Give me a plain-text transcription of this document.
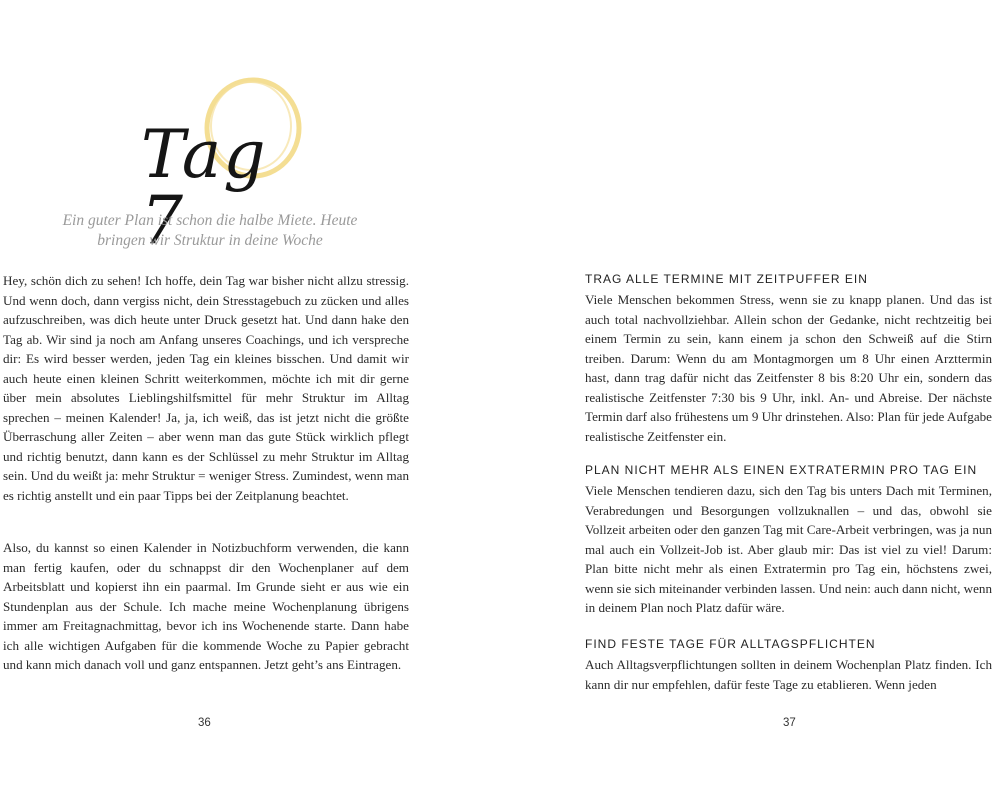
Tag 7
Ein guter Plan ist schon die halbe Miete. Heute
bringen wir Struktur in deine Woche

Hey, schön dich zu sehen! Ich hoffe, dein Tag war bisher nicht allzu stressig. Und wenn doch, dann vergiss nicht, dein Stresstagebuch zu zücken und alles aufzuschreiben, was dich heute unter Druck gesetzt hat. Und dann hake den Tag ab. Wir sind ja noch am Anfang unseres Coachings, und ich verspreche dir: Es wird besser werden, jeden Tag ein kleines bisschen. Und damit wir auch heute einen kleinen Schritt weiterkommen, möchte ich mit dir gerne über mein absolutes Lieblingshilfsmittel für mehr Struktur im Alltag sprechen – meinen Kalender! Ja, ja, ich weiß, das ist jetzt nicht die größte Überraschung aller Zeiten – aber wenn man das gute Stück wirklich pflegt und richtig benutzt, dann kann es der Schlüssel zu mehr Struktur im Alltag sein. Und du weißt ja: mehr Struktur = weniger Stress. Zumindest, wenn man es richtig anstellt und ein paar Tipps bei der Zeitplanung beachtet.

Also, du kannst so einen Kalender in Notizbuchform verwenden, die kann man fertig kaufen, oder du schnappst dir den Wochenplaner auf dem Arbeitsblatt und kopierst ihn ein paarmal. Im Grunde sieht er aus wie ein Stundenplan aus der Schule. Ich mache meine Wochenplanung übrigens immer am Freitagnachmittag, bevor ich ins Wochenende starte. Dann habe ich alle wichtigen Aufgaben für die kommende Woche zu Papier gebracht und kann mich danach voll und ganz entspannen. Jetzt geht’s ans Eintragen.

36
TRAG ALLE TERMINE MIT ZEITPUFFER EIN

Viele Menschen bekommen Stress, wenn sie zu knapp planen. Und das ist auch total nachvollziehbar. Allein schon der Gedanke, nicht rechtzeitig bei einem Termin zu sein, kann einem ja schon den Schweiß auf die Stirn treiben. Darum: Wenn du am Montagmorgen um 8 Uhr einen Arzttermin hast, dann trag dafür nicht das Zeitfenster 8 bis 8:20 Uhr ein, sondern das realistische Zeitfenster 7:30 bis 9 Uhr, inkl. An- und Abreise. Der nächste Termin darf also frühestens um 9 Uhr drinstehen. Also: Plan für jede Aufgabe realistische Zeitfenster ein.

PLAN NICHT MEHR ALS EINEN EXTRATERMIN PRO TAG EIN

Viele Menschen tendieren dazu, sich den Tag bis unters Dach mit Terminen, Verabredungen und Besorgungen vollzuknallen – und das, obwohl sie Vollzeit arbeiten oder den ganzen Tag mit Care-Arbeit verbringen, was ja nun mal auch ein Vollzeit-Job ist. Aber glaub mir: Das ist viel zu viel! Darum: Plan bitte nicht mehr als einen Extratermin pro Tag ein, höchstens zwei, wenn sie sich miteinander verbinden lassen. Und nein: auch dann nicht, wenn in deinem Plan noch Platz dafür wäre.

FIND FESTE TAGE FÜR ALLTAGSPFLICHTEN

Auch Alltagsverpflichtungen sollten in deinem Wochenplan Platz finden. Ich kann dir nur empfehlen, dafür feste Tage zu etablieren. Wenn jeden

37
